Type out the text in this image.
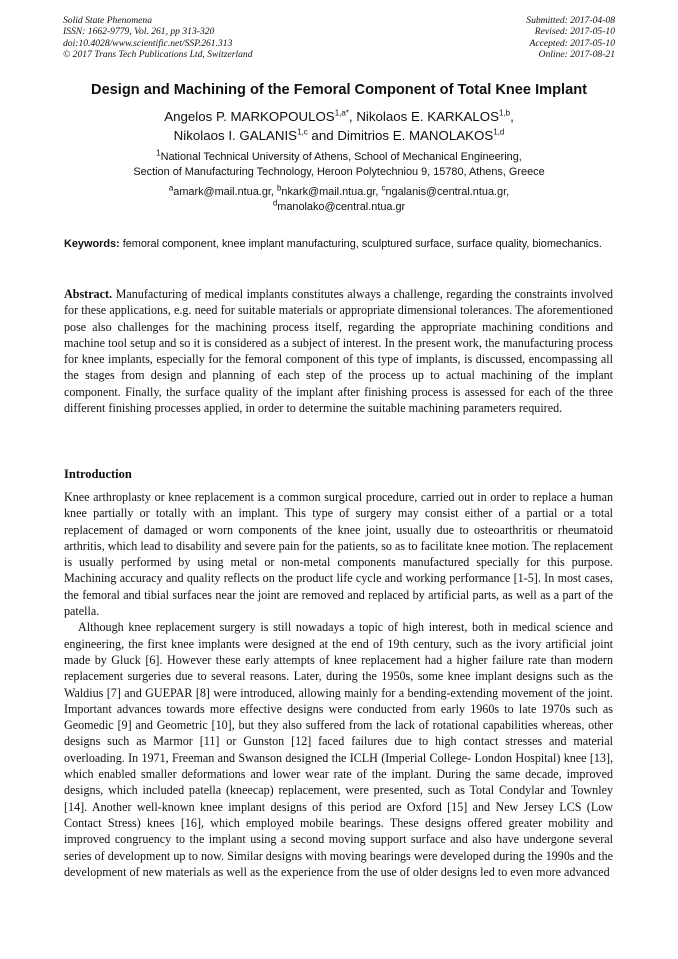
Solid State Phenomena
ISSN: 1662-9779, Vol. 261, pp 313-320
doi:10.4028/www.scientific.net/SSP.261.313
© 2017 Trans Tech Publications Ltd, Switzerland
Submitted: 2017-04-08
Revised: 2017-05-10
Accepted: 2017-05-10
Online: 2017-08-21
Design and Machining of the Femoral Component of Total Knee Implant
Angelos P. $MARKOPOULOS^{1,a*}$, Nikolaos E. KARKALOS$^{1,b}$,
Nikolaos I. GALANIS$^{1,c}$ and Dimitrios E. MANOLAKOS$^{1,d}$
$^1$National Technical University of Athens, School of Mechanical Engineering,
Section of Manufacturing Technology, Heroon Polytechniou 9, 15780, Athens, Greece
$^a$amark@mail.ntua.gr, $^b$nkark@mail.ntua.gr, $^c$ngalanis@central.ntua.gr,
$^d$manolako@central.ntua.gr
Keywords: femoral component, knee implant manufacturing, sculptured surface, surface quality, biomechanics.
Abstract. Manufacturing of medical implants constitutes always a challenge, regarding the constraints involved for these applications, e.g. need for suitable materials or appropriate dimensional tolerances. The aforementioned pose also challenges for the machining process itself, regarding the appropriate machining conditions and machine tool setup and so it is considered as a subject of interest. In the present work, the manufacturing process for knee implants, especially for the femoral component of this type of implants, is discussed, encompassing all the stages from design and planning of each step of the process up to actual machining of the implant component. Finally, the surface quality of the implant after finishing process is assessed for each of the three different finishing processes applied, in order to determine the suitable machining parameters required.
Introduction

Knee arthroplasty or knee replacement is a common surgical procedure, carried out in order to replace a human knee partially or totally with an implant. This type of surgery may consist either of a partial or a total replacement of damaged or worn components of the knee joint, usually due to osteoarthritis or rheumatoid arthritis, which lead to disability and severe pain for the patients, so as to facilitate knee motion. The replacement is usually performed by using metal or non-metal components manufactured specially for this purpose. Machining accuracy and quality reflects on the product life cycle and working performance [1-5]. In most cases, the femoral and tibial surfaces near the joint are removed and replaced by artificial parts, as well as a part of the patella.

Although knee replacement surgery is still nowadays a topic of high interest, both in medical science and engineering, the first knee implants were designed at the end of 19th century, such as the ivory artificial joint made by Gluck [6]. However these early attempts of knee replacement had a higher failure rate than modern replacement surgeries due to several reasons. Later, during the 1950s, some knee implant designs such as the Waldius [7] and GUEPAR [8] were introduced, allowing mainly for a bending-extending movement of the joint. Important advances towards more effective designs were conducted from early 1960s to late 1970s such as Geomedic [9] and Geometric [10], but they also suffered from the lack of rotational capabilities whereas, other designs such as Marmor [11] or Gunston [12] faced failures due to high contact stresses and material overloading. In 1971, Freeman and Swanson designed the ICLH (Imperial College- London Hospital) knee [13], which enabled smaller deformations and lower wear rate of the implant. During the same decade, improved designs, which included patella (kneecap) replacement, were presented, such as Total Condylar and Townley [14]. Another well-known knee implant designs of this period are Oxford [15] and New Jersey LCS (Low Contact Stress) knees [16], which employed mobile bearings. These designs offered greater mobility and improved congruency to the implant using a second moving support surface and also have undergone several series of development up to now. Similar designs with moving bearings were developed during the 1990s and the development of new materials as well as the experience from the use of older designs led to even more advanced
